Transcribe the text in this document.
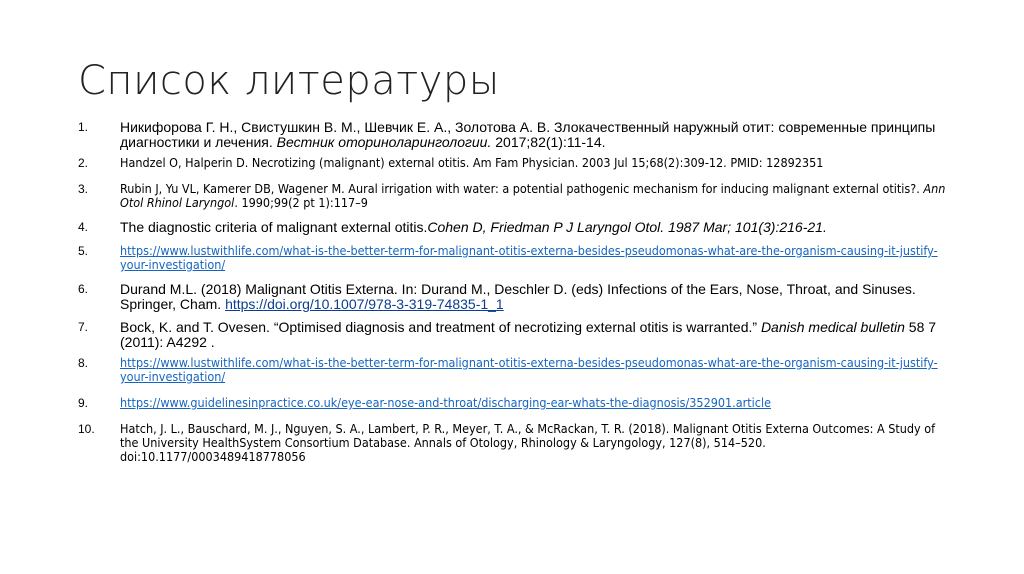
Список литературы
1.	Никифорова Г. Н., Свистушкин В. М., Шевчик Е. А., Золотова А. В. Злокачественный наружный отит: современные принципы диагностики и лечения. Вестник оториноларингологии. 2017;82(1):11-14.
2.	Handzel O, Halperin D. Necrotizing (malignant) external otitis. Am Fam Physician. 2003 Jul 15;68(2):309-12. PMID: 12892351
3.	Rubin J, Yu VL, Kamerer DB, Wagener M. Aural irrigation with water: a potential pathogenic mechanism for inducing malignant external otitis?. Ann Otol Rhinol Laryngol. 1990;99(2 pt 1):117–9
4.	The diagnostic criteria of malignant external otitis.Cohen D, Friedman P J Laryngol Otol. 1987 Mar; 101(3):216-21.
5.	https://www.lustwithlife.com/what-is-the-better-term-for-malignant-otitis-externa-besides-pseudomonas-what-are-the-organism-causing-it-justify-your-investigation/
6.	Durand M.L. (2018) Malignant Otitis Externa. In: Durand M., Deschler D. (eds) Infections of the Ears, Nose, Throat, and Sinuses. Springer, Cham. https://doi.org/10.1007/978-3-319-74835-1_1
7.	Bock, K. and T. Ovesen. “Optimised diagnosis and treatment of necrotizing external otitis is warranted.” Danish medical bulletin 58 7 (2011): A4292 .
8.	https://www.lustwithlife.com/what-is-the-better-term-for-malignant-otitis-externa-besides-pseudomonas-what-are-the-organism-causing-it-justify-your-investigation/
9.	https://www.guidelinesinpractice.co.uk/eye-ear-nose-and-throat/discharging-ear-whats-the-diagnosis/352901.article
10.	Hatch, J. L., Bauschard, M. J., Nguyen, S. A., Lambert, P. R., Meyer, T. A., & McRackan, T. R. (2018). Malignant Otitis Externa Outcomes: A Study of the University HealthSystem Consortium Database. Annals of Otology, Rhinology & Laryngology, 127(8), 514–520. doi:10.1177/0003489418778056
